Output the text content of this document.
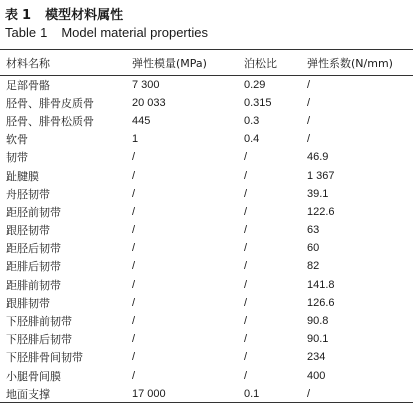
表 1 模型材料属性
Table 1 Model material properties
材料名称	弹性模量(MPa)	泊松比	弹性系数(N/mm)
足部骨骼	7 300	0.29	/
胫骨、腓骨皮质骨	20 033	0.315	/
胫骨、腓骨松质骨	445	0.3	/
软骨	1	0.4	/
韧带	/	/	46.9
趾腱膜	/	/	1 367
舟胫韧带	/	/	39.1
距胫前韧带	/	/	122.6
跟胫韧带	/	/	63
距胫后韧带	/	/	60
距腓后韧带	/	/	82
距腓前韧带	/	/	141.8
跟腓韧带	/	/	126.6
下胫腓前韧带	/	/	90.8
下胫腓后韧带	/	/	90.1
下胫腓骨间韧带	/	/	234
小腿骨间膜	/	/	400
地面支撑	17 000	0.1	/
